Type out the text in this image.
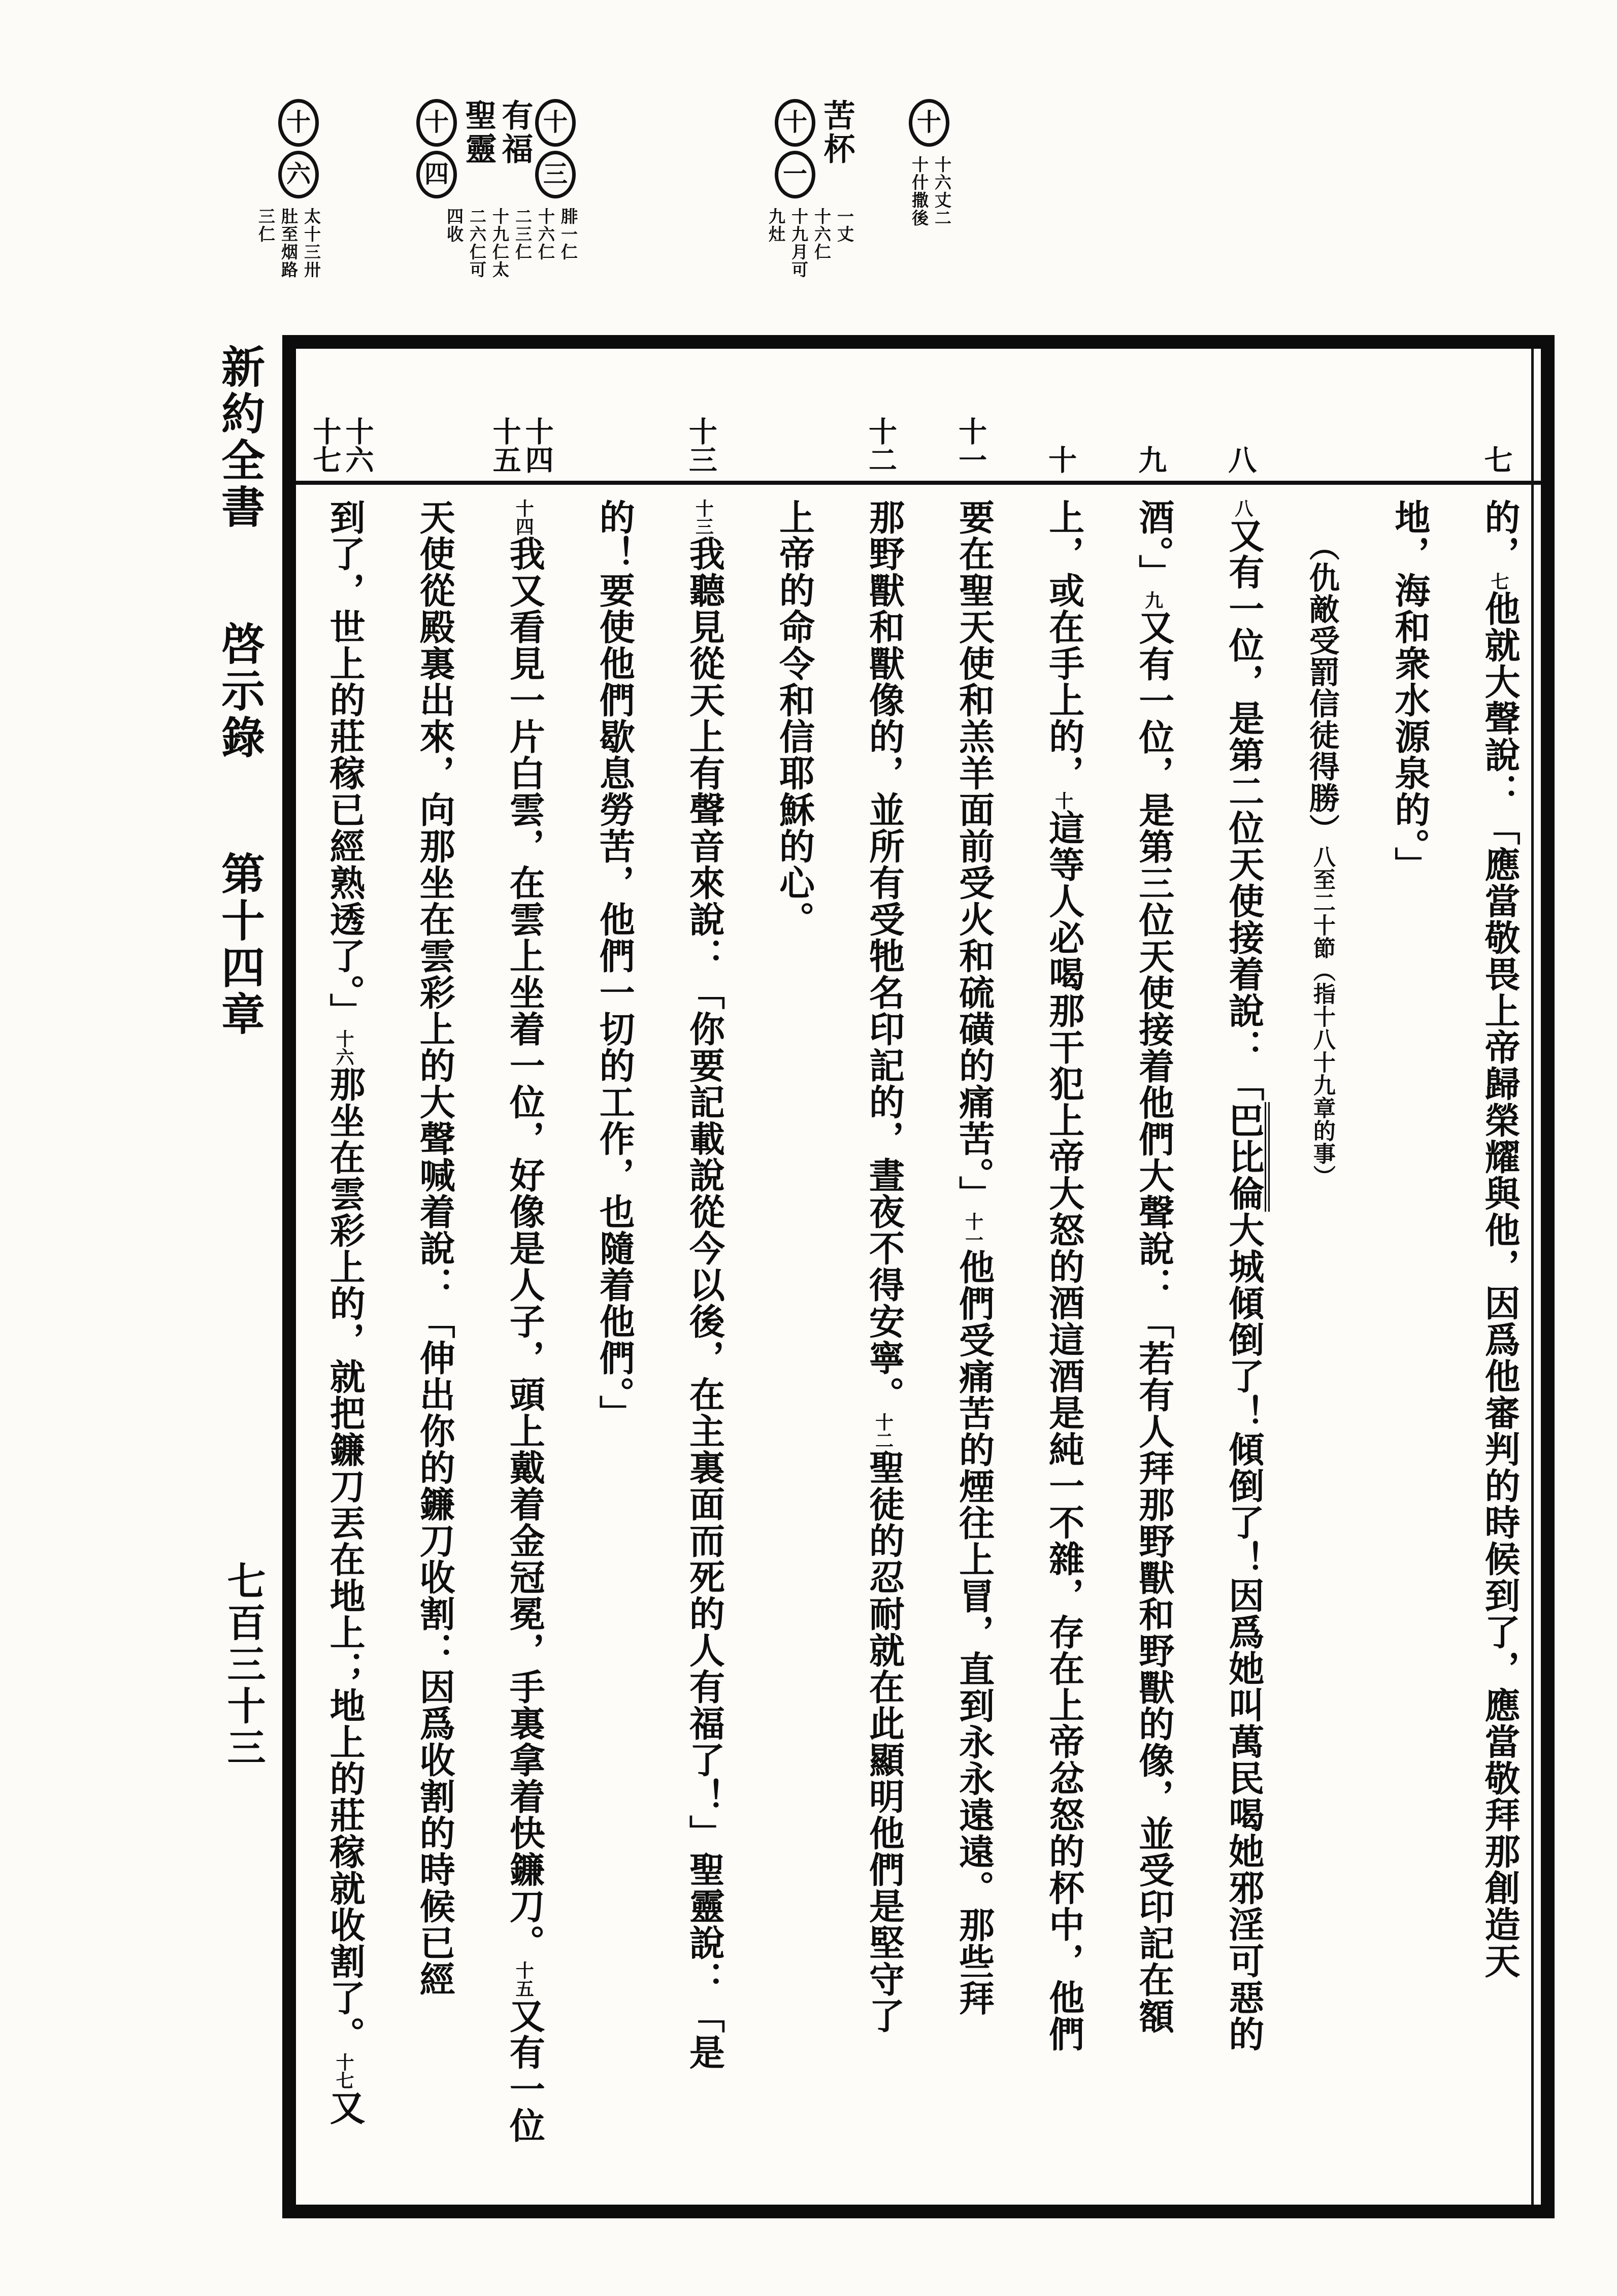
十
十六丈二
十什撒後
苦杯
十
一
一丈
十六仁
十九月可
九灶
十
三
有福
聖靈
十
四
腓一仁
十六仁
二三仁
十九仁太
二六仁可
四收
十
六
太十三卅
肚至烟路
三仁
新約全書 啓示錄 第十四章
七百三十三
七
的，七他就大聲說：「應當敬畏上帝歸榮耀與他，因爲他審判的時候到了，應當敬拜那創造天
地，海和衆水源泉的。」
（仇敵受罰信徒得勝）八至二十節（指十八十九章的事）
八
八又有一位，是第二位天使接着說：「巴比倫大城傾倒了！傾倒了！因爲她叫萬民喝她邪淫可惡的
九
酒。」九又有一位，是第三位天使接着他們大聲說：「若有人拜那野獸和野獸的像，並受印記在額
十
上，或在手上的，十這等人必喝那干犯上帝大怒的酒這酒是純一不雜，存在上帝忿怒的杯中，他們
十一
要在聖天使和羔羊面前受火和硫磺的痛苦。」十一他們受痛苦的煙往上冒，直到永永遠遠。那些拜
十二
那野獸和獸像的，並所有受牠名印記的，晝夜不得安寧。十二聖徒的忍耐就在此顯明他們是堅守了
上帝的命令和信耶穌的心。
十三
十三我聽見從天上有聲音來說：「你要記載說從今以後，在主裏面而死的人有福了！」聖靈說：「是
的！要使他們歇息勞苦，他們一切的工作，也隨着他們。」
十四
十五
十四我又看見一片白雲，在雲上坐着一位，好像是人子，頭上戴着金冠冕，手裏拿着快鐮刀。十五又有一位
天使從殿裏出來，向那坐在雲彩上的大聲喊着說：「伸出你的鐮刀收割：因爲收割的時候已經
十六
十七
到了，世上的莊稼已經熟透了。」十六那坐在雲彩上的，就把鐮刀丟在地上；地上的莊稼就收割了。十七又
